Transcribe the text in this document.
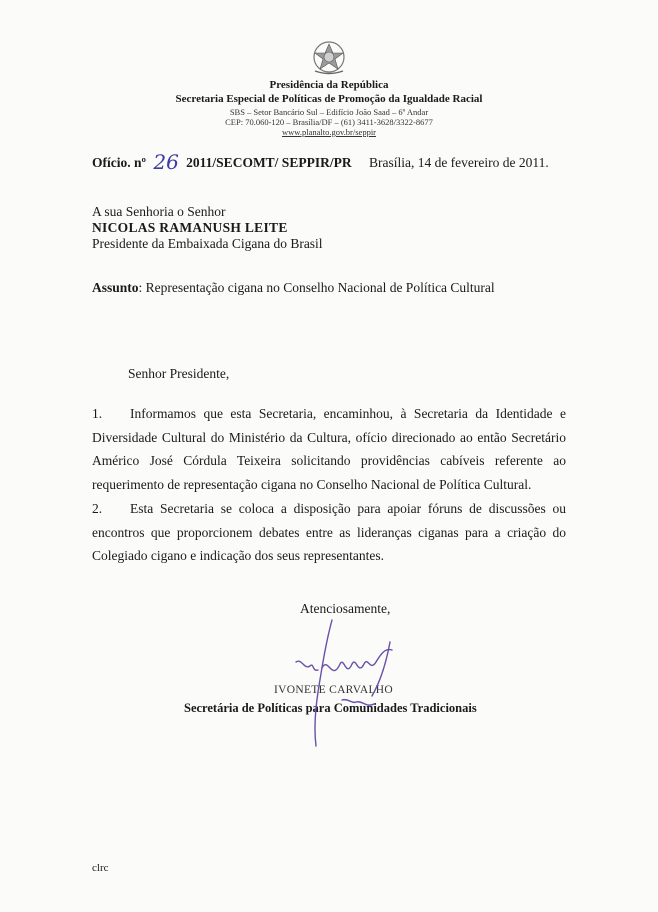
Presidência da República
Secretaria Especial de Políticas de Promoção da Igualdade Racial
SBS – Setor Bancário Sul – Edifício João Saad – 6º Andar
CEP: 70.060-120 – Brasília/DF – (61) 3411-3628/3322-8677
www.planalto.gov.br/seppir
Ofício. nº 26 2011/SECOMT/ SEPPIR/PR Brasília, 14 de fevereiro de 2011.
A sua Senhoria o Senhor
NICOLAS RAMANUSH LEITE
Presidente da Embaixada Cigana do Brasil
Assunto: Representação cigana no Conselho Nacional de Política Cultural
Senhor Presidente,
1. Informamos que esta Secretaria, encaminhou, à Secretaria da Identidade e Diversidade Cultural do Ministério da Cultura, ofício direcionado ao então Secretário Américo José Córdula Teixeira solicitando providências cabíveis referente ao requerimento de representação cigana no Conselho Nacional de Política Cultural.
2. Esta Secretaria se coloca a disposição para apoiar fóruns de discussões ou encontros que proporcionem debates entre as lideranças ciganas para a criação do Colegiado cigano e indicação dos seus representantes.
Atenciosamente,
IVONETE CARVALHO
Secretária de Políticas para Comunidades Tradicionais
clrc
